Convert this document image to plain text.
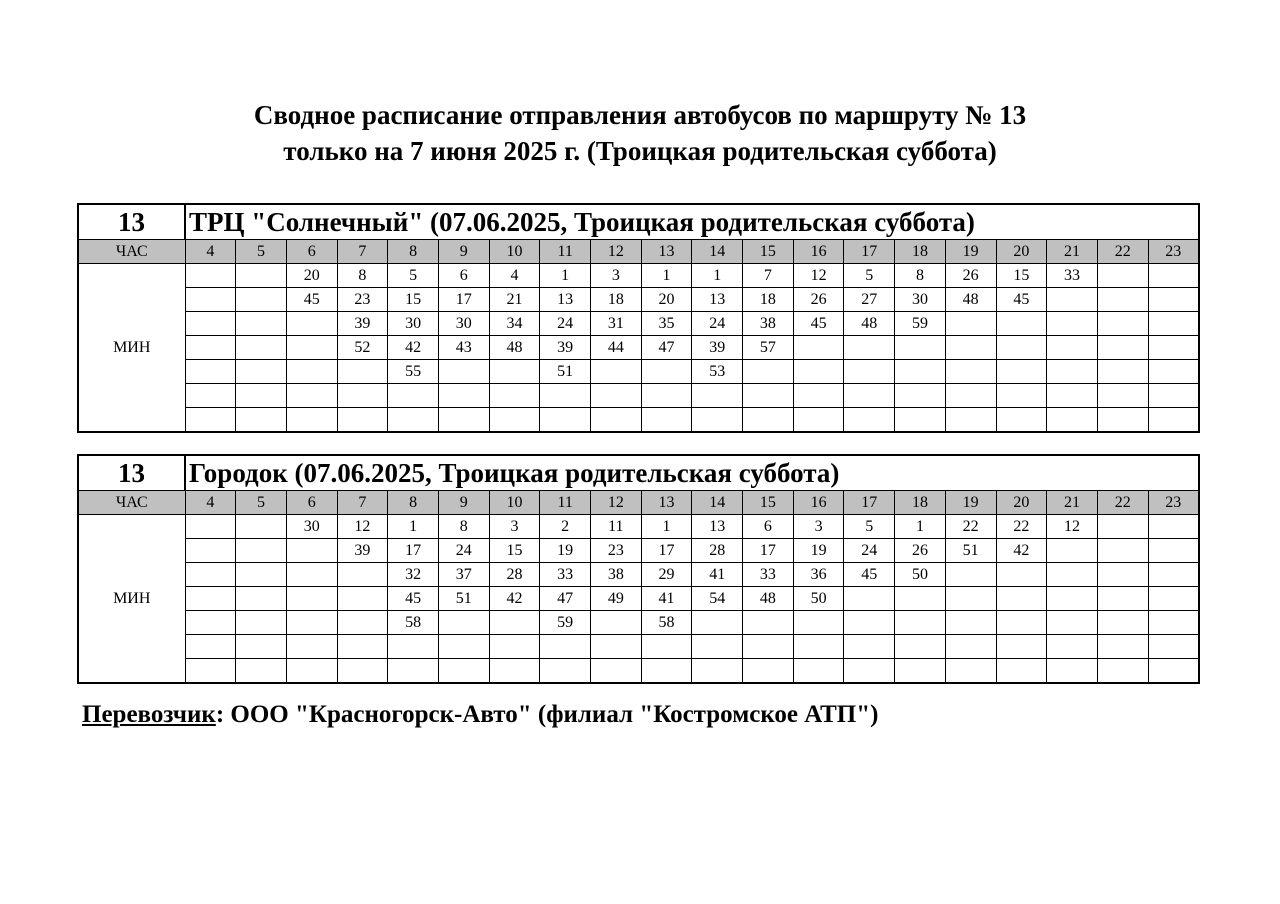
Сводное расписание отправления автобусов по маршруту № 13
только на 7 июня 2025 г. (Троицкая родительская суббота)
13	ТРЦ "Солнечный" (07.06.2025, Троицкая родительская суббота)																			
ЧАС	4	5	6	7	8	9	10	11	12	13	14	15	16	17	18	19	20	21	22	23
МИН			20	8	5	6	4	1	3	1	1	7	12	5	8	26	15	33		
			45	23	15	17	21	13	18	20	13	18	26	27	30	48	45			
				39	30	30	34	24	31	35	24	38	45	48	59					
				52	42	43	48	39	44	47	39	57								
					55			51			53									

13	Городок (07.06.2025, Троицкая родительская суббота)																			
ЧАС	4	5	6	7	8	9	10	11	12	13	14	15	16	17	18	19	20	21	22	23
МИН			30	12	1	8	3	2	11	1	13	6	3	5	1	22	22	12		
				39	17	24	15	19	23	17	28	17	19	24	26	51	42			
					32	37	28	33	38	29	41	33	36	45	50					
					45	51	42	47	49	41	54	48	50							
					58			59		58										

Перевозчик: ООО "Красногорск-Авто" (филиал "Костромское АТП")
